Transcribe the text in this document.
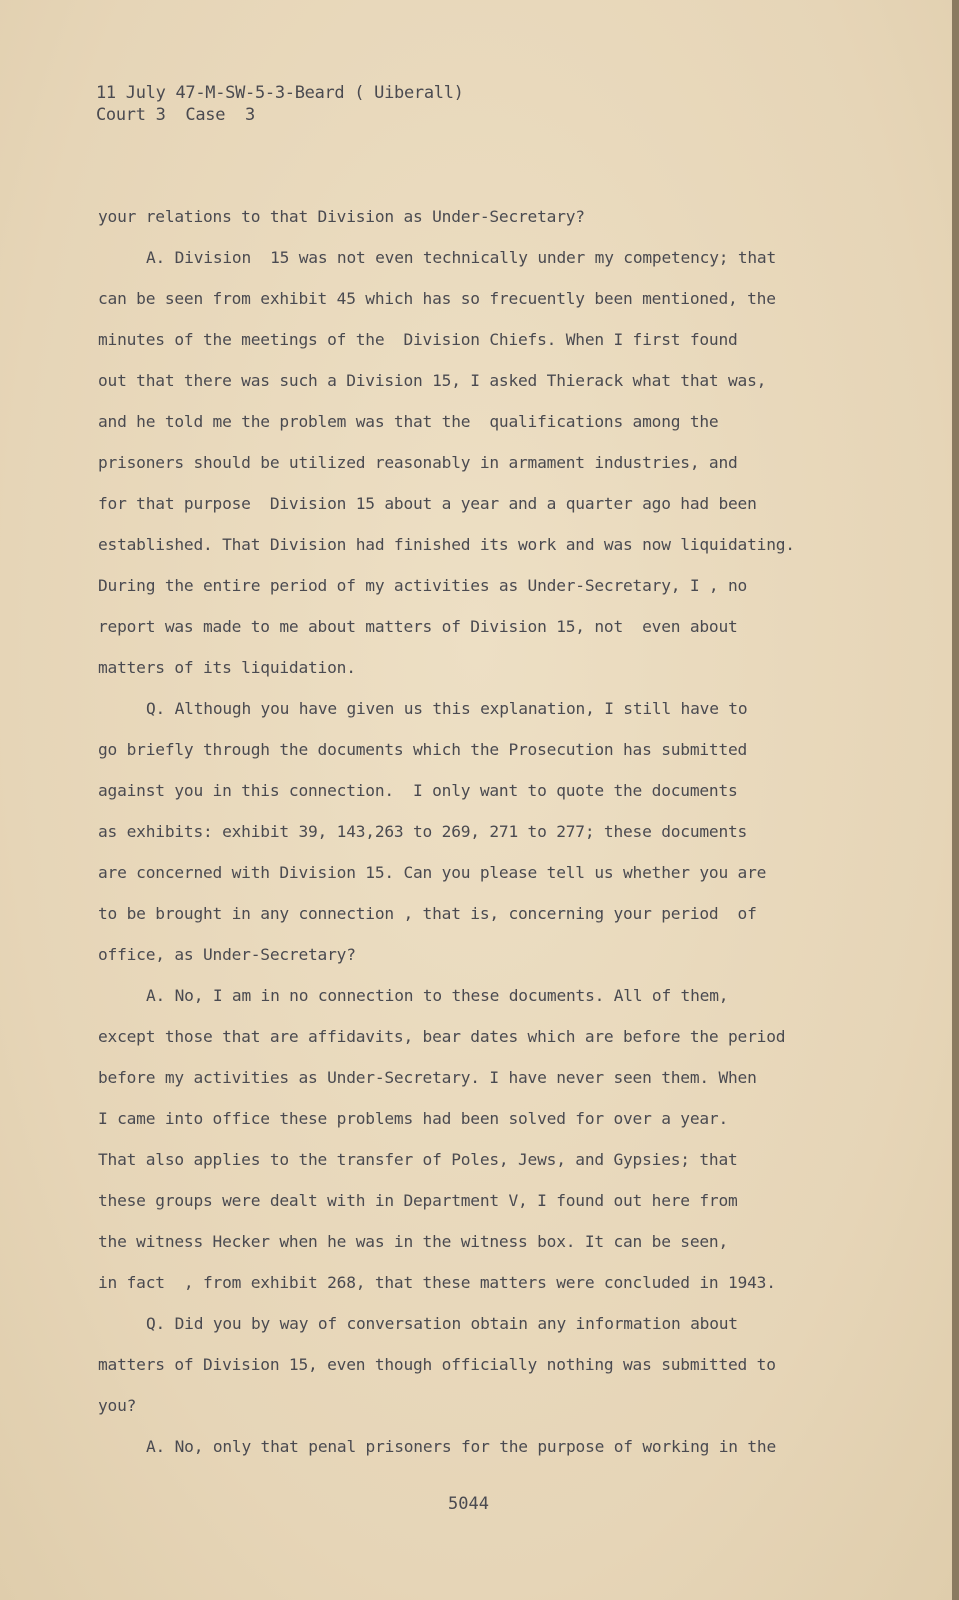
11 July 47-M-SW-5-3-Beard ( Uiberall)
Court 3  Case  3
your relations to that Division as Under-Secretary?
A. Division  15 was not even technically under my competency; that
can be seen from exhibit 45 which has so frecuently been mentioned, the
minutes of the meetings of the  Division Chiefs. When I first found
out that there was such a Division 15, I asked Thierack what that was,
and he told me the problem was that the  qualifications among the
prisoners should be utilized reasonably in armament industries, and
for that purpose  Division 15 about a year and a quarter ago had been
established. That Division had finished its work and was now liquidating.
During the entire period of my activities as Under-Secretary, I , no
report was made to me about matters of Division 15, not  even about
matters of its liquidation.
Q. Although you have given us this explanation, I still have to
go briefly through the documents which the Prosecution has submitted
against you in this connection.  I only want to quote the documents
as exhibits: exhibit 39, 143,263 to 269, 271 to 277; these documents
are concerned with Division 15. Can you please tell us whether you are
to be brought in any connection , that is, concerning your period  of
office, as Under-Secretary?
A. No, I am in no connection to these documents. All of them,
except those that are affidavits, bear dates which are before the period
before my activities as Under-Secretary. I have never seen them. When
I came into office these problems had been solved for over a year.
That also applies to the transfer of Poles, Jews, and Gypsies; that
these groups were dealt with in Department V, I found out here from
the witness Hecker when he was in the witness box. It can be seen,
in fact  , from exhibit 268, that these matters were concluded in 1943.
Q. Did you by way of conversation obtain any information about
matters of Division 15, even though officially nothing was submitted to
you?
A. No, only that penal prisoners for the purpose of working in the
5044
